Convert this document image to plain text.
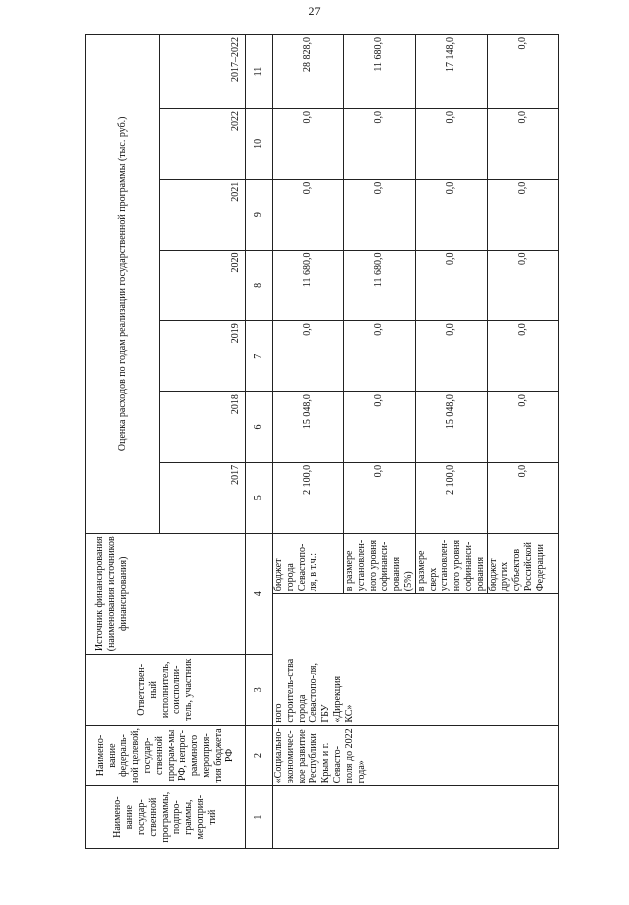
27
Наимено-вание государ-ственной программы, подпро-граммы, мероприя-тий	Наимено-вание федераль-ной целевой, государ-ственной програм-мы РФ, непрог-раммного мероприя-тия бюджета РФ	Ответствен-ный исполнитель, соисполни-тель, участник	Источник финансирования (наименования источников финансирования)		Оценка расходов по годам реализации государственной программы (тыс. руб.)						
					2017	2018	2019	2020	2021	2022	2017–2022
1	2	3	4		5	6	7	8	9	10	11
	«Социально-экономичес-кое развитие Республики Крым и г. Севасто-поля до 2022 года»	ного строитель-ства города Севастопо-ля, ГБУ «Дирекция КС»		бюджет города Севастопо-ля, в т.ч.:	2 100,0	15 048,0	0,0	11 680,0	0,0	0,0	28 828,0
				в размере установлен-ного уровня софинанси-рования (5%)	0,0	0,0	0,0	11 680,0	0,0	0,0	11 680,0
				в размере сверх установлен-ного уровня софинанси-рования	2 100,0	15 048,0	0,0	0,0	0,0	0,0	17 148,0
				бюджет других субъектов Российской Федерации	0,0	0,0	0,0	0,0	0,0	0,0	0,0
